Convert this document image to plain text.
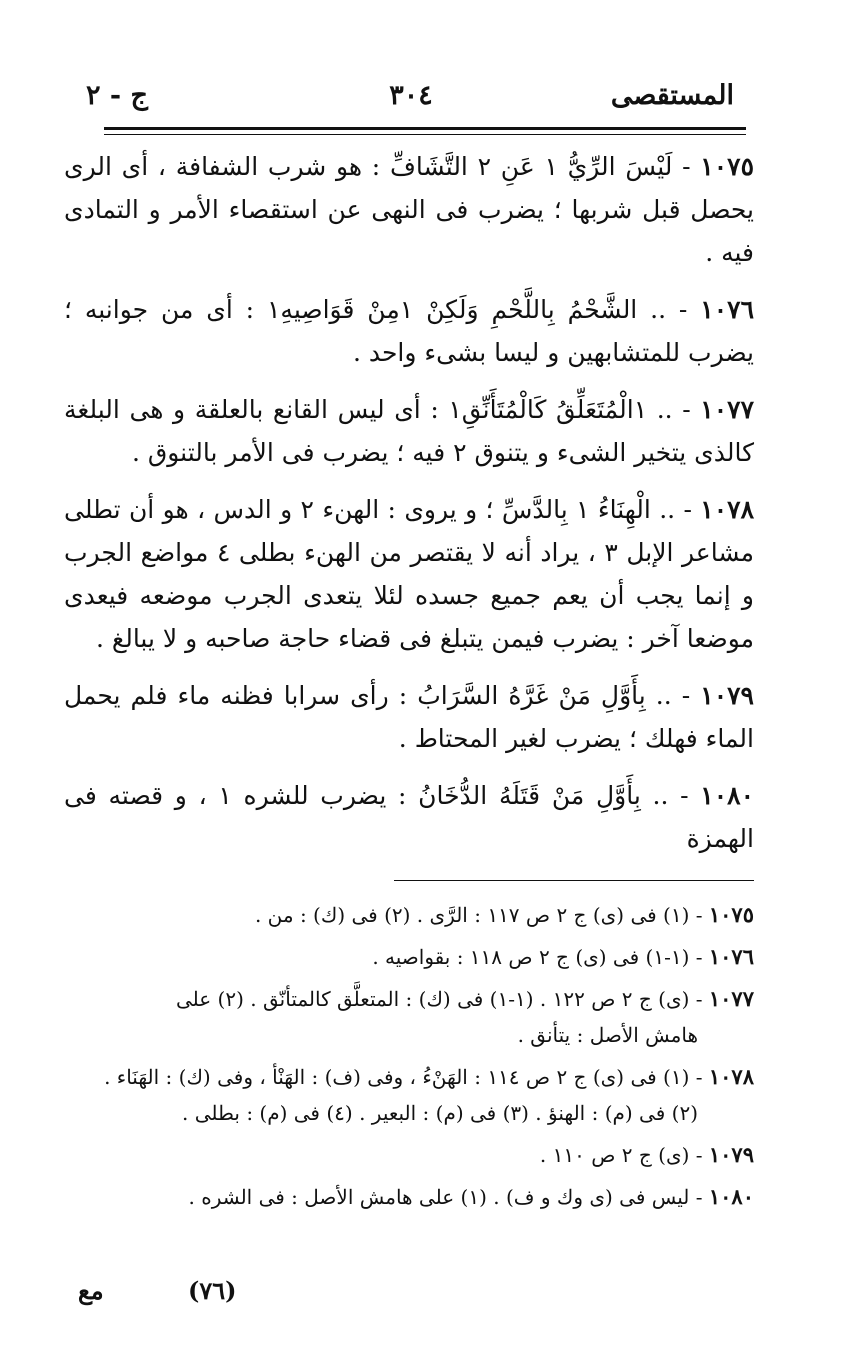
المستقصى
٣٠٤
ج - ٢
١٠٧٥ - لَيْسَ الرِّيُّ ١ عَنِ ٢ التَّشَافِّ : هو شرب الشفافة ، أى الرى يحصل قبل شربها ؛ يضرب فى النهى عن استقصاء الأمر و التمادى فيه .
١٠٧٦ - .. الشَّحْمُ بِاللَّحْمِ وَلَكِنْ ١مِنْ قَوَاصِيهِ١ : أى من جوانبه ؛ يضرب للمتشابهين و ليسا بشىء واحد .
١٠٧٧ - .. ١الْمُتَعَلِّقُ كَالْمُتَأَنِّقِ١ : أى ليس القانع بالعلقة و هى البلغة كالذى يتخير الشىء و يتنوق ٢ فيه ؛ يضرب فى الأمر بالتنوق .
١٠٧٨ - .. الْهِنَاءُ ١ بِالدَّسِّ ؛ و يروى : الهنء ٢ و الدس ، هو أن تطلى مشاعر الإبل ٣ ، يراد أنه لا يقتصر من الهنء بطلى ٤ مواضع الجرب و إنما يجب أن يعم جميع جسده لئلا يتعدى الجرب موضعه فيعدى موضعا آخر : يضرب فيمن يتبلغ فى قضاء حاجة صاحبه و لا يبالغ .
١٠٧٩ - .. بِأَوَّلِ مَنْ غَرَّهُ السَّرَابُ : رأى سرابا فظنه ماء فلم يحمل الماء فهلك ؛ يضرب لغير المحتاط .
١٠٨٠ - .. بِأَوَّلِ مَنْ قَتَلَهُ الدُّخَانُ : يضرب للشره ١ ، و قصته فى الهمزة
١٠٧٥ - (١) فى (ى) ج ٢ ص ١١٧ : الرَّى . (٢) فى (ك) : من .
١٠٧٦ - (١-١) فى (ى) ج ٢ ص ١١٨ : بقواصيه .
١٠٧٧ - (ى) ج ٢ ص ١٢٢ . (١-١) فى (ك) : المتعلَّق كالمتأنّق . (٢) على
هامش الأصل : يتأنق .
١٠٧٨ - (١) فى (ى) ج ٢ ص ١١٤ : الهَنْءُ ، وفى (ف) : الهَنْأ ، وفى (ك) : الهَنَاء .
(٢) فى (م) : الهنؤ . (٣) فى (م) : البعير . (٤) فى (م) : بطلى .
١٠٧٩ - (ى) ج ٢ ص ١١٠ .
١٠٨٠ - ليس فى (ى وك و ف) . (١) على هامش الأصل : فى الشره .
مع	(٧٦)
